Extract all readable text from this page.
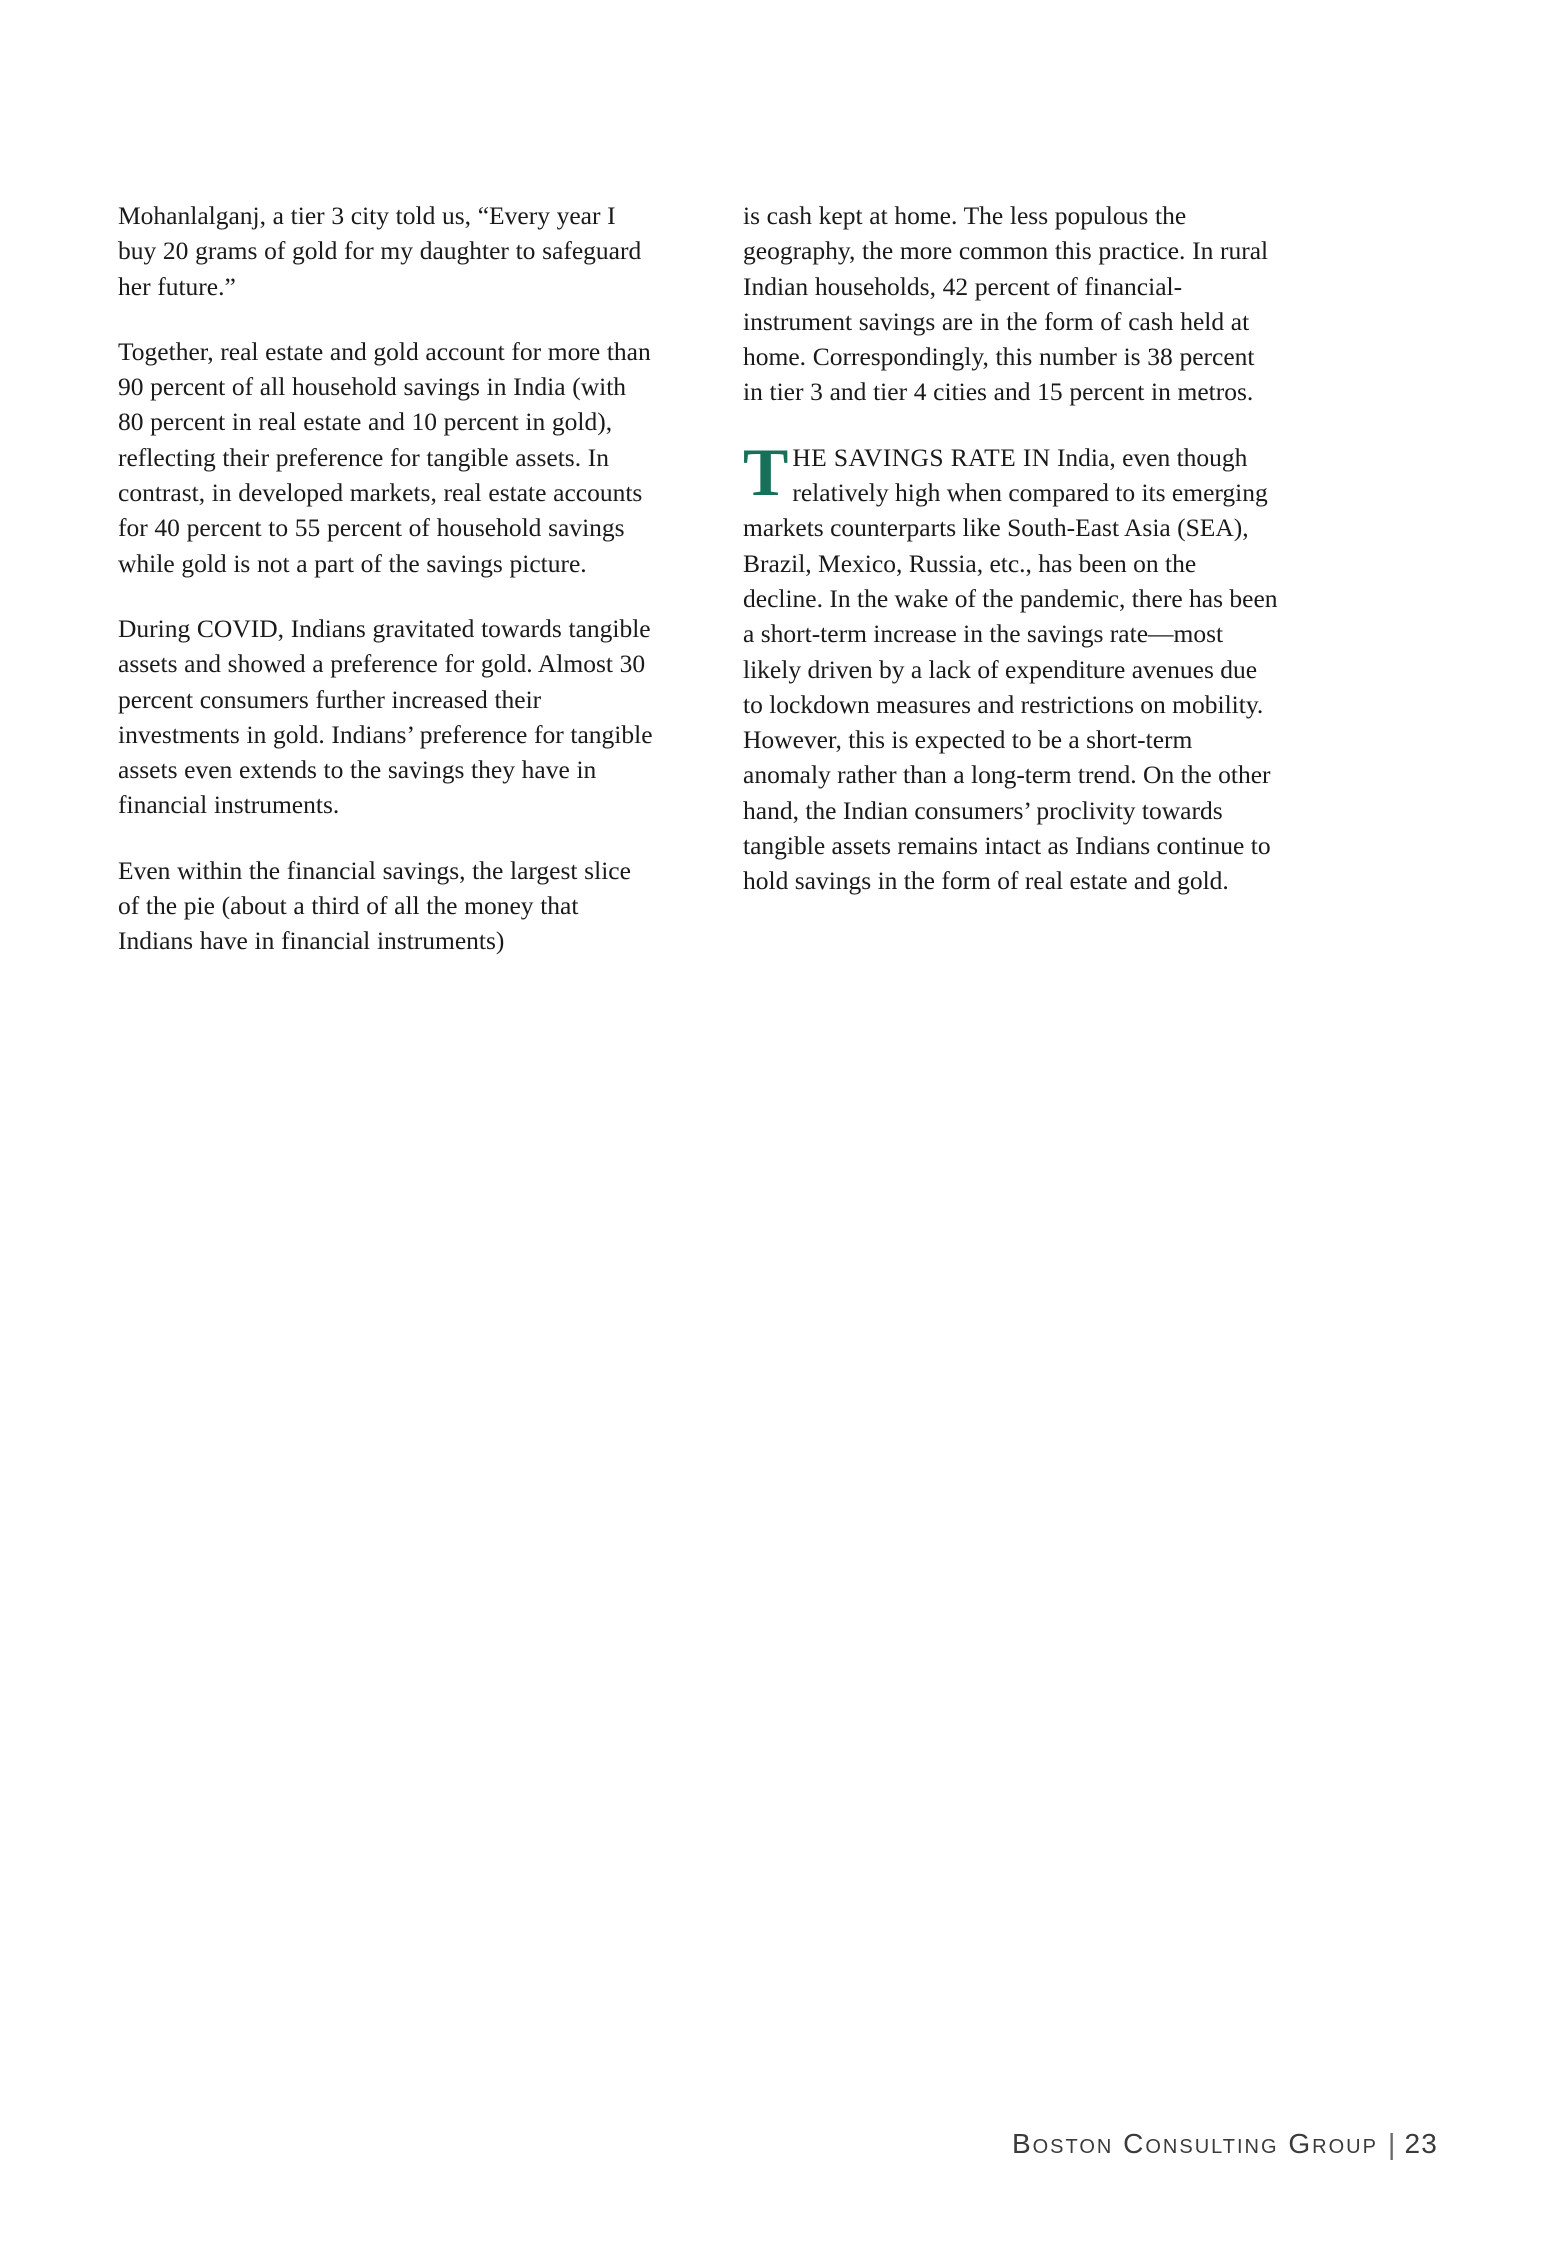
Mohanlalganj, a tier 3 city told us, “Every year I buy 20 grams of gold for my daughter to safeguard her future.”

Together, real estate and gold account for more than 90 percent of all household savings in India (with 80 percent in real estate and 10 percent in gold), reflecting their preference for tangible assets. In contrast, in developed markets, real estate accounts for 40 percent to 55 percent of household savings while gold is not a part of the savings picture.

During COVID, Indians gravitated towards tangible assets and showed a preference for gold. Almost 30 percent consumers further increased their investments in gold. Indians’ preference for tangible assets even extends to the savings they have in financial instruments.

Even within the financial savings, the largest slice of the pie (about a third of all the money that Indians have in financial instruments)

is cash kept at home. The less populous the geography, the more common this practice. In rural Indian households, 42 percent of financial-instrument savings are in the form of cash held at home. Correspondingly, this number is 38 percent in tier 3 and tier 4 cities and 15 percent in metros.

THE SAVINGS RATE IN India, even though relatively high when compared to its emerging markets counterparts like South-East Asia (SEA), Brazil, Mexico, Russia, etc., has been on the decline. In the wake of the pandemic, there has been a short-term increase in the savings rate—most likely driven by a lack of expenditure avenues due to lockdown measures and restrictions on mobility. However, this is expected to be a short-term anomaly rather than a long-term trend. On the other hand, the Indian consumers’ proclivity towards tangible assets remains intact as Indians continue to hold savings in the form of real estate and gold.

Boston Consulting Group | 23
